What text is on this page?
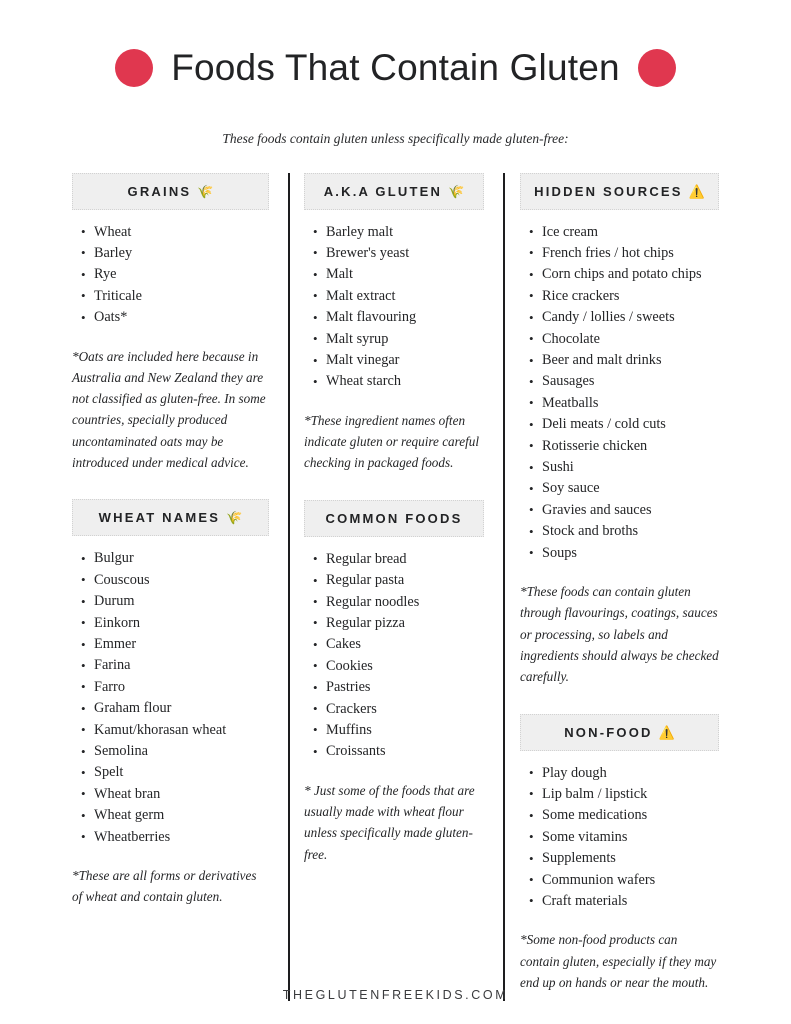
Foods That Contain Gluten
These foods contain gluten unless specifically made gluten-free:
GRAINS 🌾
• Wheat
• Barley
• Rye
• Triticale
• Oats*

*Oats are included here because in Australia and New Zealand they are not classified as gluten-free. In some countries, specially produced uncontaminated oats may be introduced under medical advice.

WHEAT NAMES 🌾
• Bulgur
• Couscous
• Durum
• Einkorn
• Emmer
• Farina
• Farro
• Graham flour
• Kamut/khorasan wheat
• Semolina
• Spelt
• Wheat bran
• Wheat germ
• Wheatberries

*These are all forms or derivatives of wheat and contain gluten.

A.K.A GLUTEN 🌾
• Barley malt
• Brewer's yeast
• Malt
• Malt extract
• Malt flavouring
• Malt syrup
• Malt vinegar
• Wheat starch

*These ingredient names often indicate gluten or require careful checking in packaged foods.

COMMON FOODS
• Regular bread
• Regular pasta
• Regular noodles
• Regular pizza
• Cakes
• Cookies
• Pastries
• Crackers
• Muffins
• Croissants

* Just some of the foods that are usually made with wheat flour unless specifically made gluten-free.

HIDDEN SOURCES ⚠️
• Ice cream
• French fries / hot chips
• Corn chips and potato chips
• Rice crackers
• Candy / lollies / sweets
• Chocolate
• Beer and malt drinks
• Sausages
• Meatballs
• Deli meats / cold cuts
• Rotisserie chicken
• Sushi
• Soy sauce
• Gravies and sauces
• Stock and broths
• Soups

*These foods can contain gluten through flavourings, coatings, sauces or processing, so labels and ingredients should always be checked carefully.

NON-FOOD ⚠️
• Play dough
• Lip balm / lipstick
• Some medications
• Some vitamins
• Supplements
• Communion wafers
• Craft materials

*Some non-food products can contain gluten, especially if they may end up on hands or near the mouth.

THEGLUTENFREEKIDS.COM
